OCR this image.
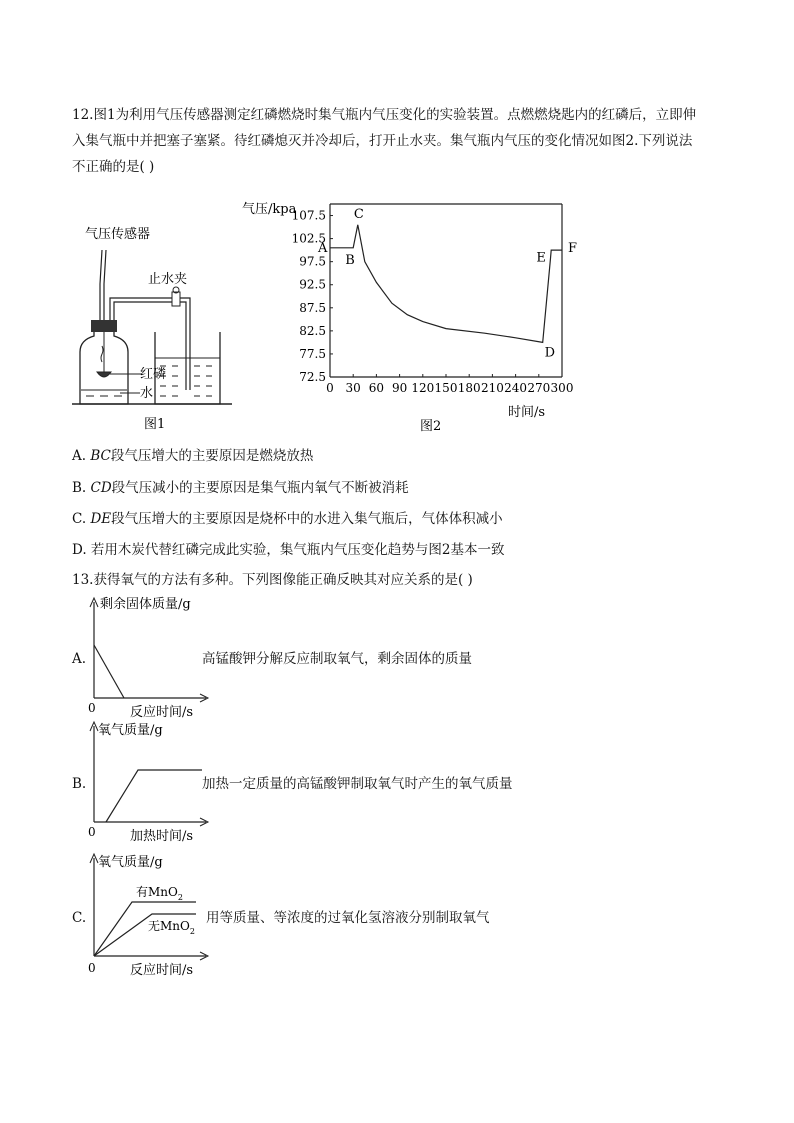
12.图1为利用气压传感器测定红磷燃烧时集气瓶内气压变化的实验装置。点燃燃烧匙内的红磷后，立即伸
入集气瓶中并把塞子塞紧。待红磷熄灭并冷却后，打开止水夹。集气瓶内气压的变化情况如图2.下列说法
不正确的是( )
气压传感器
止水夹
红磷
水
图1
气压/kpa
时间/s
图2
0 30 60 90 120 150 180 210 240 270 300
72.5
77.5
82.5
87.5
92.5
97.5
102.5
107.5
A
B
C
D
E
F
A. BC段气压增大的主要原因是燃烧放热
B. CD段气压减小的主要原因是集气瓶内氧气不断被消耗
C. DE段气压增大的主要原因是烧杯中的水进入集气瓶后，气体体积减小
D. 若用木炭代替红磷完成此实验，集气瓶内气压变化趋势与图2基本一致
13.获得氧气的方法有多种。下列图像能正确反映其对应关系的是( )
A.
剩余固体质量/g
0	反应时间/s
高锰酸钾分解反应制取氧气，剩余固体的质量
B.
氧气质量/g
0	加热时间/s
加热一定质量的高锰酸钾制取氧气时产生的氧气质量
C.
氧气质量/g
有MnO$_2$
无MnO$_2$
0	反应时间/s
用等质量、等浓度的过氧化氢溶液分别制取氧气
